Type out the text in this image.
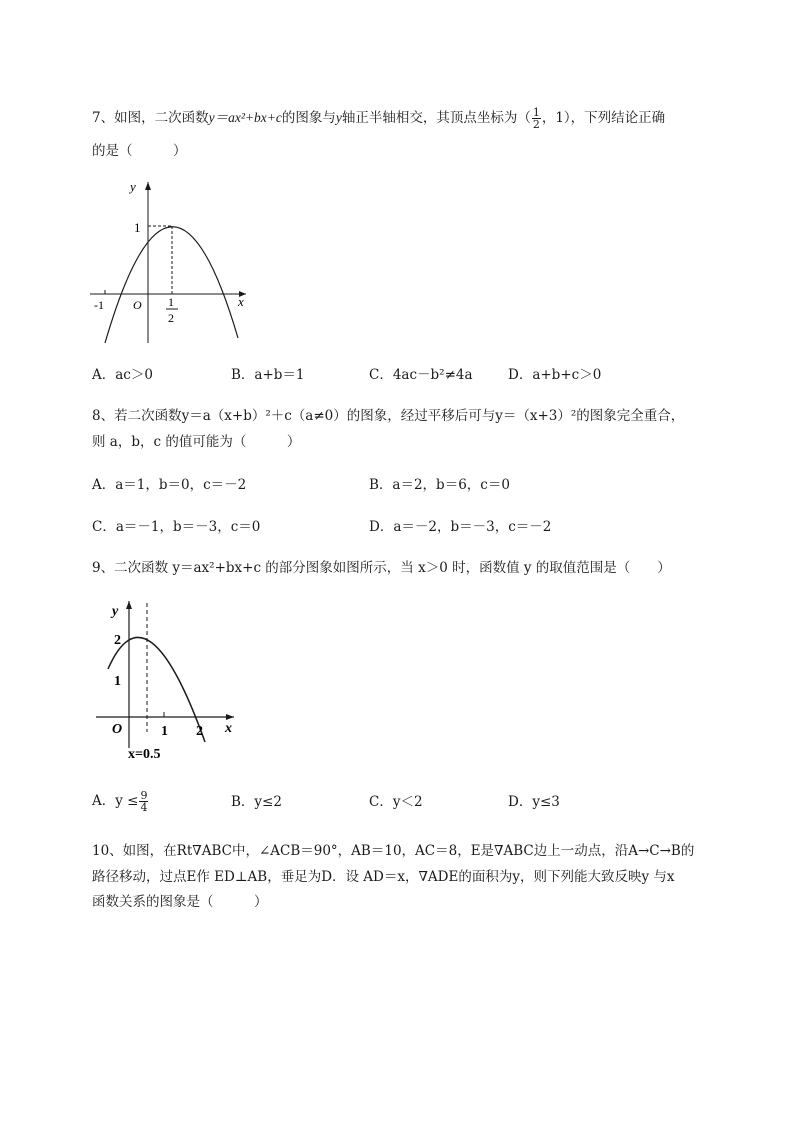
7、如图，二次函数y＝ax²+bx+c的图象与y轴正半轴相交，其顶点坐标为（ $\frac{1}{2}$ ，1），下列结论正确
的是（　　　）
y
1
-1 O	x
1
2
A．ac＞0	B．a+b＝1	C．4ac－b²≠4a	D．a+b+c＞0
8、若二次函数y＝a（x+b）²＋c（a≠0）的图象，经过平移后可与y＝（x+3）²的图象完全重合，
则 a，b，c 的值可能为（　　　）
A．a＝1，b＝0，c＝－2	B．a＝2，b＝6，c＝0
C．a＝－1，b＝－3，c＝0	D．a＝－2，b＝－3，c＝－2
9、二次函数 y＝ax²+bx+c 的部分图象如图所示，当 x＞0 时，函数值 y 的取值范围是（　　）
y
2
1
O	1 2 x
x=0.5
A．$y \le \frac{9}{4}$	B．y≤2	C．y＜2	D．y≤3
10、如图，在Rt∇ABC中，∠ACB＝90°，AB＝10，AC＝8，E是∇ABC边上一动点，沿A→C→B的
路径移动，过点E作 ED⊥AB，垂足为D．设 AD＝x，∇ADE的面积为y，则下列能大致反映y 与x
函数关系的图象是（　　　）
